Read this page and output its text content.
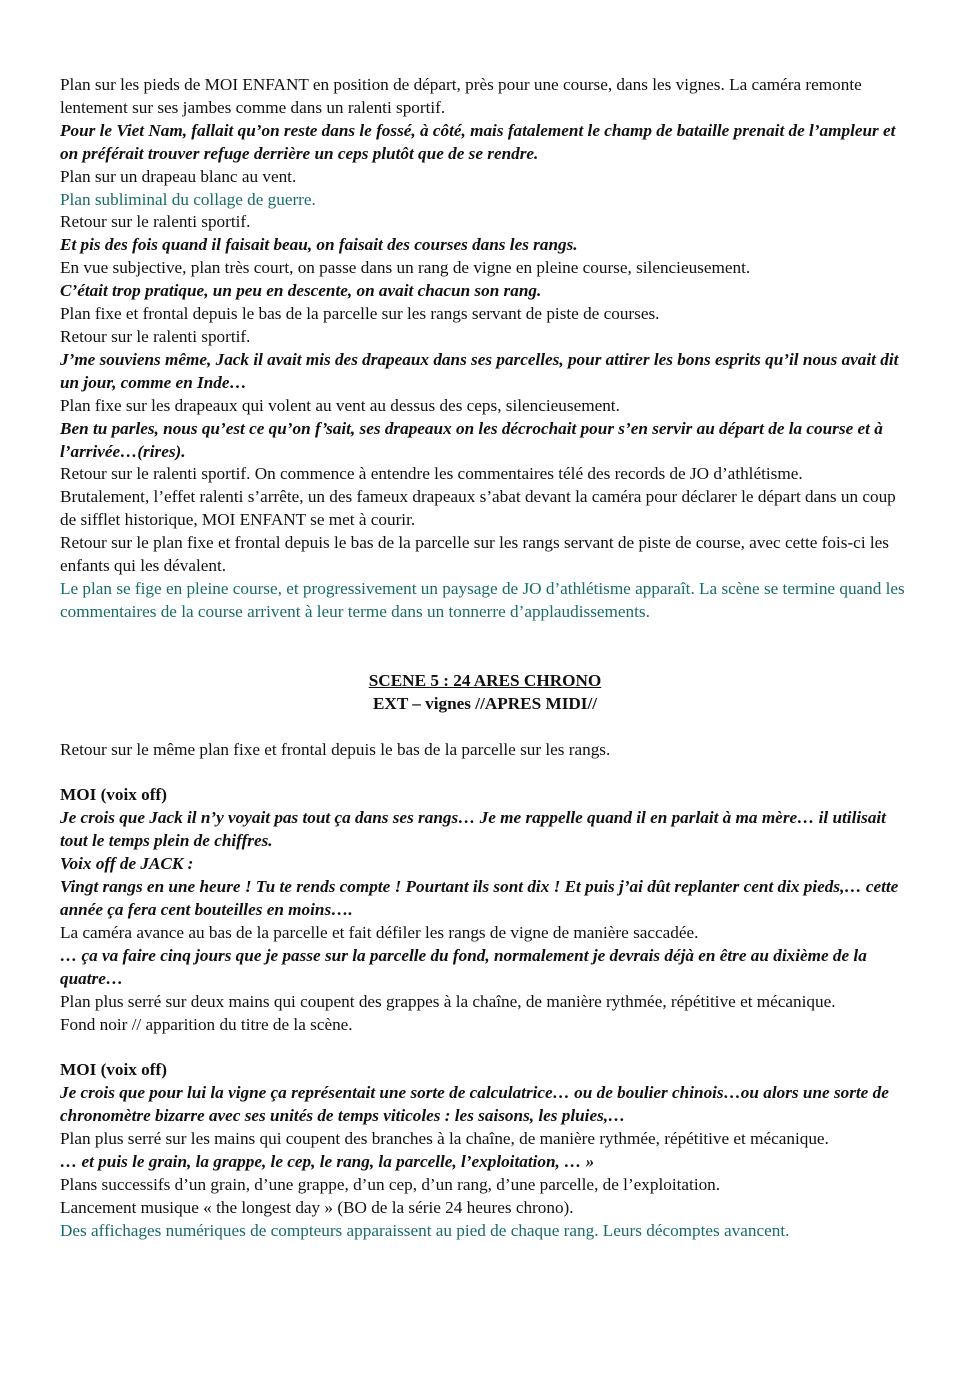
Plan sur les pieds de MOI ENFANT en position de départ, près pour une course, dans les vignes. La caméra remonte lentement sur ses jambes comme dans un ralenti sportif.

Pour le Viet Nam, fallait qu’on reste dans le fossé, à côté, mais fatalement le champ de bataille prenait de l’ampleur et on préférait trouver refuge derrière un ceps plutôt que de se rendre.

Plan sur un drapeau blanc au vent.

Plan subliminal du collage de guerre.

Retour sur le ralenti sportif.

Et pis des fois quand il faisait beau, on faisait des courses dans les rangs.

En vue subjective, plan très court, on passe dans un rang de vigne en pleine course, silencieusement.

C’était trop pratique, un peu en descente, on avait chacun son rang.

Plan fixe et frontal depuis le bas de la parcelle sur les rangs servant de piste de courses.

Retour sur le ralenti sportif.

J’me souviens même, Jack il avait mis des drapeaux dans ses parcelles, pour attirer les bons esprits qu’il nous avait dit un jour, comme en Inde…

Plan fixe sur les drapeaux qui volent au vent au dessus des ceps, silencieusement.

Ben tu parles, nous qu’est ce qu’on f’sait, ses drapeaux on les décrochait pour s’en servir au départ de la course et à l’arrivée…(rires).

Retour sur le ralenti sportif. On commence à entendre les commentaires télé des records de JO d’athlétisme.

Brutalement, l’effet ralenti s’arrête, un des fameux drapeaux s’abat devant la caméra pour déclarer le départ dans un coup de sifflet historique, MOI ENFANT se met à courir.

Retour sur le plan fixe et frontal depuis le bas de la parcelle sur les rangs servant de piste de course, avec cette fois-ci les enfants qui les dévalent.

Le plan se fige en pleine course, et progressivement un paysage de JO d’athlétisme apparaît. La scène se termine quand les commentaires de la course arrivent à leur terme dans un tonnerre d’applaudissements.

SCENE 5 : 24 ARES CHRONO

EXT – vignes //APRES MIDI//

Retour sur le même plan fixe et frontal depuis le bas de la parcelle sur les rangs.

MOI (voix off)

Je crois que Jack il n’y voyait pas tout ça dans ses rangs… Je me rappelle quand il en parlait à ma mère… il utilisait tout le temps plein de chiffres.

Voix off de JACK :

Vingt rangs en une heure ! Tu te rends compte ! Pourtant ils sont dix ! Et puis j’ai dût replanter cent dix pieds,… cette année ça fera cent bouteilles en moins….

La caméra avance au bas de la parcelle et fait défiler les rangs de vigne de manière saccadée.

… ça va faire cinq jours que je passe sur la parcelle du fond, normalement je devrais déjà en être au dixième de la quatre…

Plan plus serré sur deux mains qui coupent des grappes à la chaîne, de manière rythmée, répétitive et mécanique.

Fond noir // apparition du titre de la scène.

MOI (voix off)

Je crois que pour lui la vigne ça représentait une sorte de calculatrice… ou de boulier chinois…ou alors une sorte de chronomètre bizarre avec ses unités de temps viticoles : les saisons, les pluies,…

Plan plus serré sur les mains qui coupent des branches à la chaîne, de manière rythmée, répétitive et mécanique.

… et puis le grain, la grappe, le cep, le rang, la parcelle, l’exploitation, … »

Plans successifs d’un grain, d’une grappe, d’un cep, d’un rang, d’une parcelle, de l’exploitation.

Lancement musique « the longest day » (BO de la série 24 heures chrono).

Des affichages numériques de compteurs apparaissent au pied de chaque rang. Leurs décomptes avancent.
